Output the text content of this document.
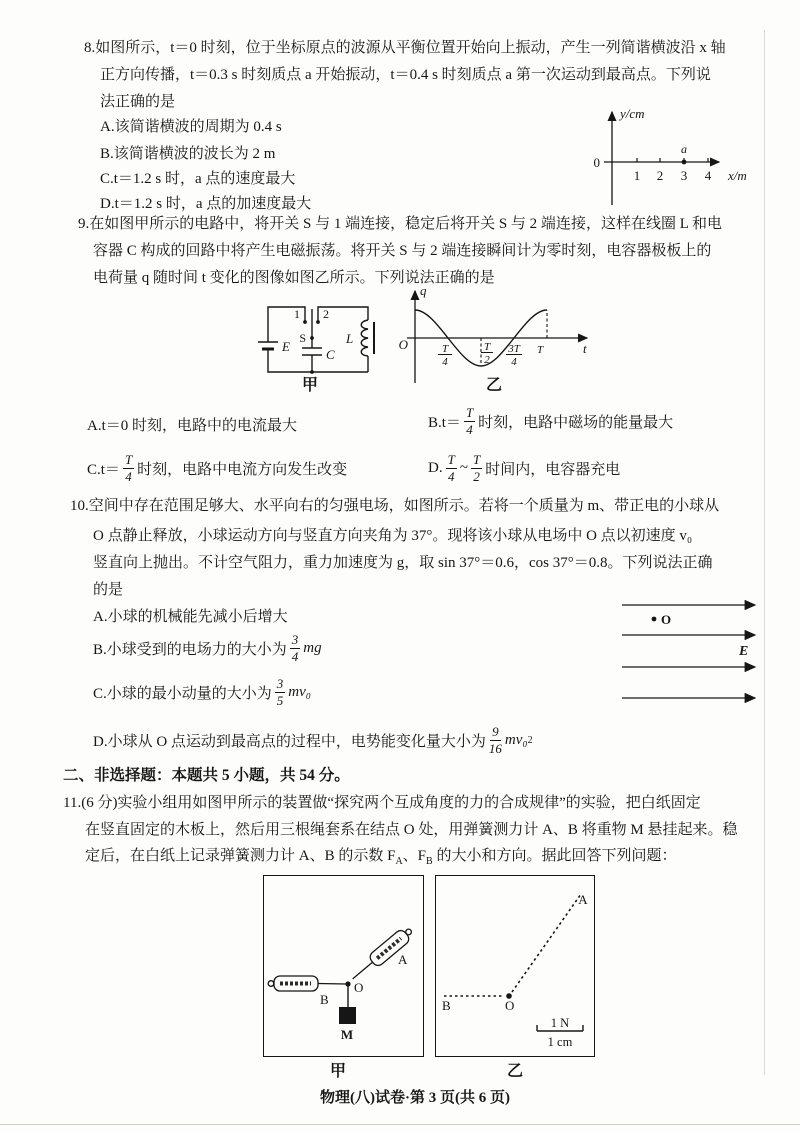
8.如图所示，t＝0 时刻，位于坐标原点的波源从平衡位置开始向上振动，产生一列简谐横波沿 x 轴
正方向传播，t＝0.3 s 时刻质点 a 开始振动，t＝0.4 s 时刻质点 a 第一次运动到最高点。下列说
法正确的是
A.该简谐横波的周期为 0.4 s
B.该简谐横波的波长为 2 m
C.t＝1.2 s 时，a 点的速度最大
D.t＝1.2 s 时，a 点的加速度最大
y/cm
0
1 2 3 4
a
x/m
9.在如图甲所示的电路中，将开关 S 与 1 端连接，稳定后将开关 S 与 2 端连接，这样在线圈 L 和电
容器 C 构成的回路中将产生电磁振荡。将开关 S 与 2 端连接瞬间计为零时刻，电容器极板上的
电荷量 q 随时间 t 变化的图像如图乙所示。下列说法正确的是
1 2
S
E
C
L
甲
q
t
O	T
4
T
2
3T
4
T
乙
A.t＝0 时刻，电路中的电流最大	$B.t= \frac{T}{4}$ 时刻，电路中磁场的能量最大
$C.t= \frac{T}{4}$ 时刻，电路中电流方向发生改变	D. $\frac{T}{4}$ ~ $\frac{T}{2}$ 时间内，电容器充电
10.空间中存在范围足够大、水平向右的匀强电场，如图所示。若将一个质量为 m、带正电的小球从
O 点静止释放，小球运动方向与竖直方向夹角为 37°。现将该小球从电场中 O 点以初速度 v₀
竖直向上抛出。不计空气阻力，重力加速度为 g，取 sin 37°＝0.6，cos 37°＝0.8。下列说法正确
的是
O
E
A.小球的机械能先减小后增大
B.小球受到的电场力的大小为 $\frac{3}{4}$ mg
C.小球的最小动量的大小为 $\frac{3}{5} mv_0$
D.小球从 O 点运动到最高点的过程中，电势能变化量大小为 $\frac{9}{16} mv_0$ 2
二、非选择题：本题共 5 小题，共 54 分。
11.(6 分)实验小组用如图甲所示的装置做“探究两个互成角度的力的合成规律”的实验，把白纸固定
在竖直固定的木板上，然后用三根绳套系在结点 O 处，用弹簧测力计 A、B 将重物 M 悬挂起来。稳
定后，在白纸上记录弹簧测力计 A、B 的示数 $F_A$、$F_B$ 的大小和方向。据此回答下列问题：
A
B
O
M
甲
B	O
A
1 N
1 cm
乙
物理(八)试卷·第 3 页(共 6 页)
